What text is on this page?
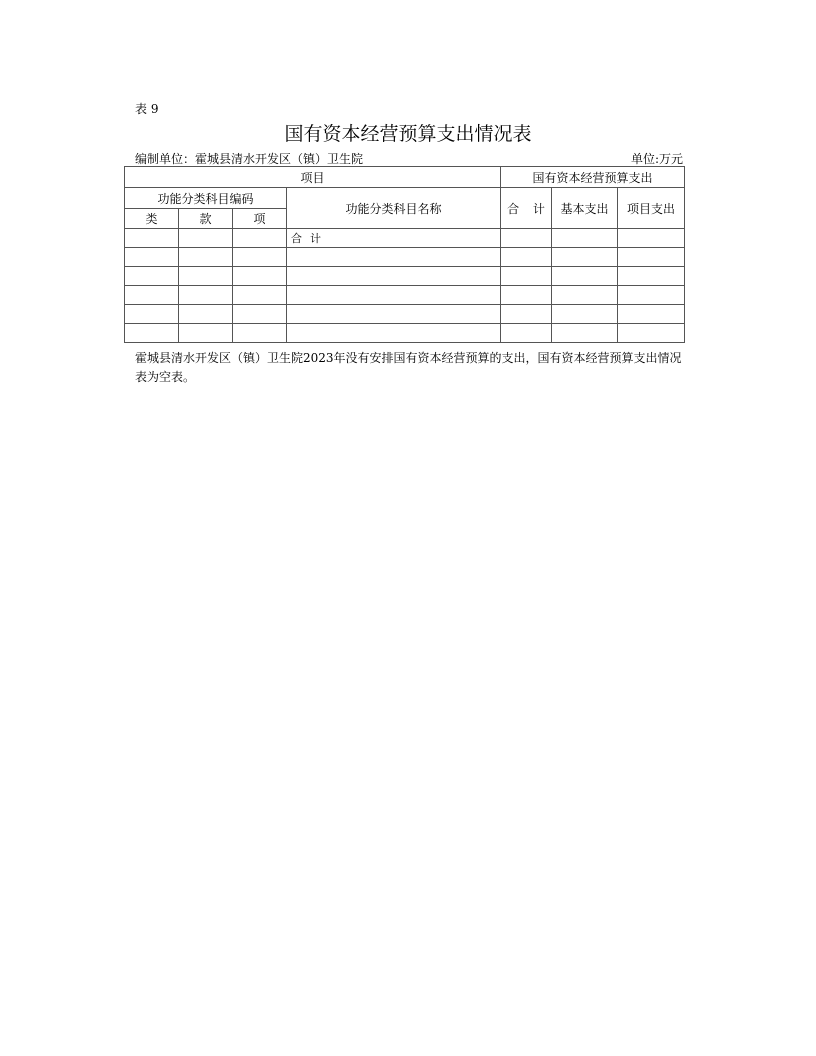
表 9
国有资本经营预算支出情况表
编制单位：霍城县清水开发区（镇）卫生院	单位:万元
项目				国有资本经营预算支出		
功能分类科目编码			功能分类科目名称	合 计	基本支出	项目支出
类	款	项				
			合计			

霍城县清水开发区（镇）卫生院2023年没有安排国有资本经营预算的支出，国有资本经营预算支出情况表为空表。
